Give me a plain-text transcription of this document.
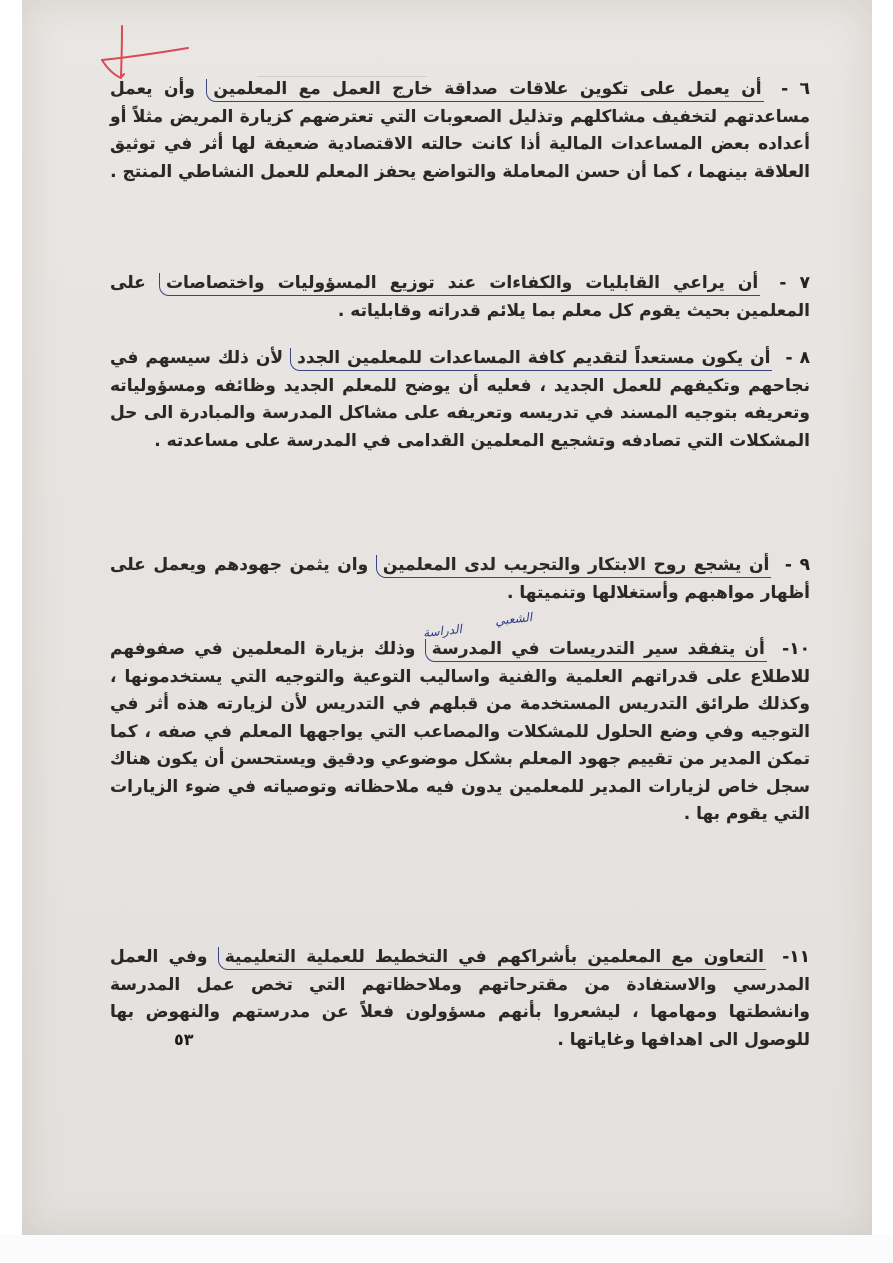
٦ - أن يعمل على تكوين علاقات صداقة خارج العمل مع المعلمين وأن يعمل مساعدتهم لتخفيف مشاكلهم وتذليل الصعوبات التي تعترضهم كزيارة المريض مثلاً أو أعداده بعض المساعدات المالية أذا كانت حالته الاقتصادية ضعيفة لها أثر في توثيق العلاقة بينهما ، كما أن حسن المعاملة والتواضع يحفز المعلم للعمل النشاطي المنتج .
٧ - أن يراعي القابليات والكفاءات عند توزيع المسؤوليات واختصاصات على المعلمين بحيث يقوم كل معلم بما يلائم قدراته وقابلياته .
٨ - أن يكون مستعداً لتقديم كافة المساعدات للمعلمين الجدد لأن ذلك سيسهم في نجاحهم وتكيفهم للعمل الجديد ، فعليه أن يوضح للمعلم الجديد وظائفه ومسؤولياته وتعريفه بتوجيه المسند في تدريسه وتعريفه على مشاكل المدرسة والمبادرة الى حل المشكلات التي تصادفه وتشجيع المعلمين القدامى في المدرسة على مساعدته .
٩ - أن يشجع روح الابتكار والتجريب لدى المعلمين وان يثمن جهودهم ويعمل على أظهار مواهبهم وأستغلالها وتنميتها .
الشعبي
الدراسة
١٠- أن يتفقد سير التدريسات في المدرسة وذلك بزيارة المعلمين في صفوفهم للاطلاع على قدراتهم العلمية والفنية واساليب التوعية والتوجيه التي يستخدمونها ، وكذلك طرائق التدريس المستخدمة من قبلهم في التدريس لأن لزيارته هذه أثر في التوجيه وفي وضع الحلول للمشكلات والمصاعب التي يواجهها المعلم في صفه ، كما تمكن المدير من تقييم جهود المعلم بشكل موضوعي ودقيق ويستحسن أن يكون هناك سجل خاص لزيارات المدير للمعلمين يدون فيه ملاحظاته وتوصياته في ضوء الزيارات التي يقوم بها .
١١- التعاون مع المعلمين بأشراكهم في التخطيط للعملية التعليمية وفي العمل المدرسي والاستفادة من مقترحاتهم وملاحظاتهم التي تخص عمل المدرسة وانشطتها ومهامها ، ليشعروا بأنهم مسؤولون فعلاً عن مدرستهم والنهوض بها للوصول الى اهدافها وغاياتها .
٥٣
